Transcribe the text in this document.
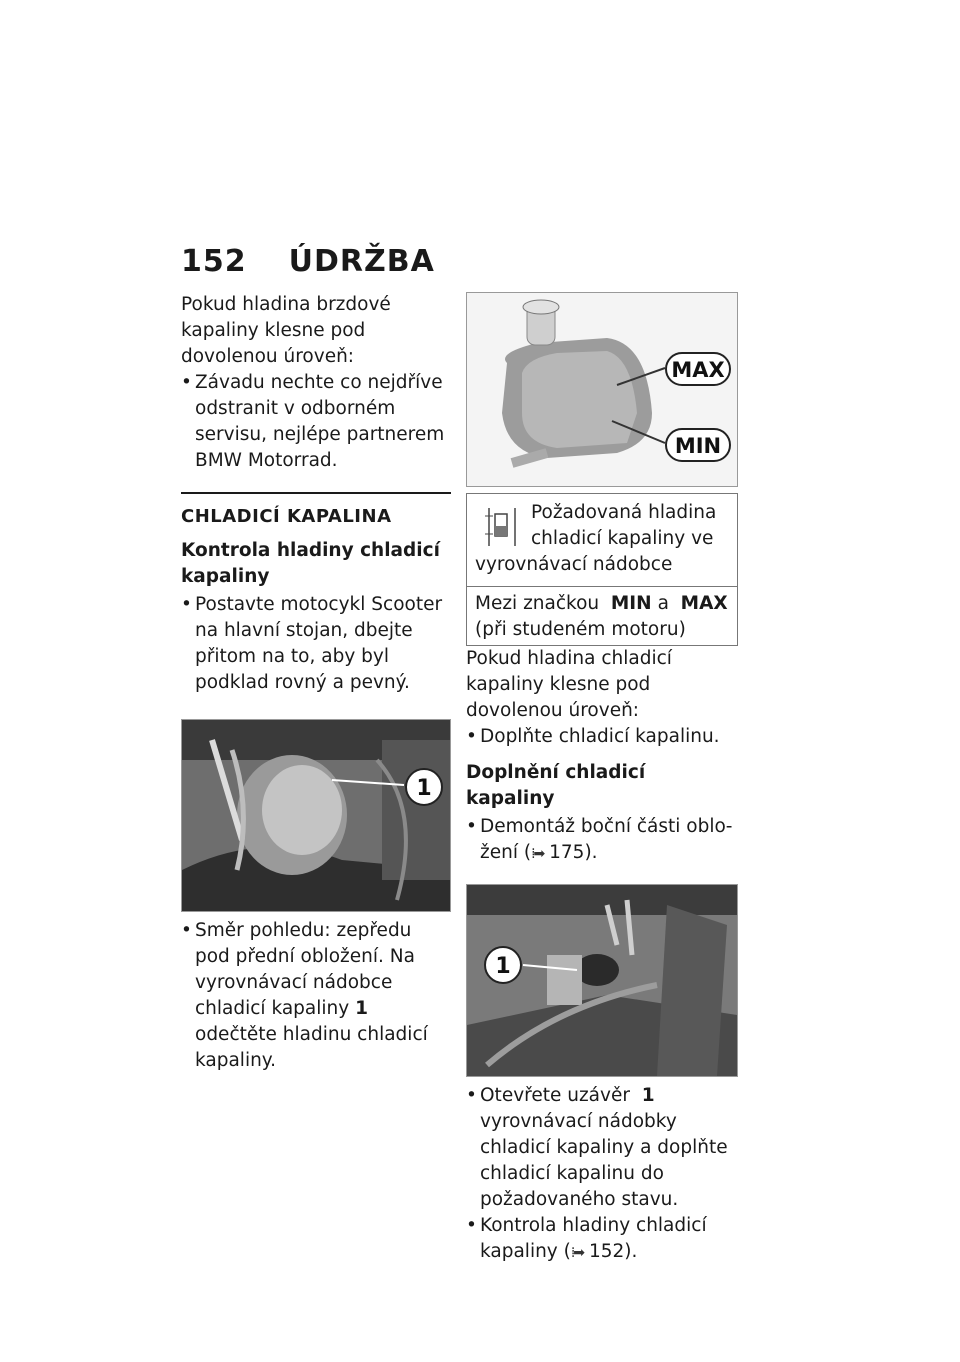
152 ÚDRŽBA

Pokud hladina brzdové kapaliny klesne pod dovolenou úroveň:

• Závadu nechte co nejdříve odstranit v odborném servisu, nejlépe partnerem BMW Motorrad.

CHLADICÍ KAPALINA
Kontrola hladiny chladicí kapaliny

• Postavte motocykl Scooter na hlavní stojan, dbejte přitom na to, aby byl podklad rovný a pevný.

1

• Směr pohledu: zepředu pod přední obložení. Na vyrovnávací nádobce chladicí kapaliny 1 odečtěte hladinu chladicí kapaliny.

MAX
MIN
Požadovaná hladina chladicí kapaliny ve vyrovnávací nádobce
Mezi značkou MIN a MAX
(při studeném motoru)

Pokud hladina chladicí kapaliny klesne pod dovolenou úroveň:

• Doplňte chladicí kapalinu.

Doplnění chladicí kapaliny

• Demontáž boční části obložení (⁞➡ 175).

1

• Otevřete uzávěr 1 vyrovnávací nádobky chladicí kapaliny a doplňte chladicí kapalinu do požadovaného stavu.

• Kontrola hladiny chladicí kapaliny (⁞➡ 152).
